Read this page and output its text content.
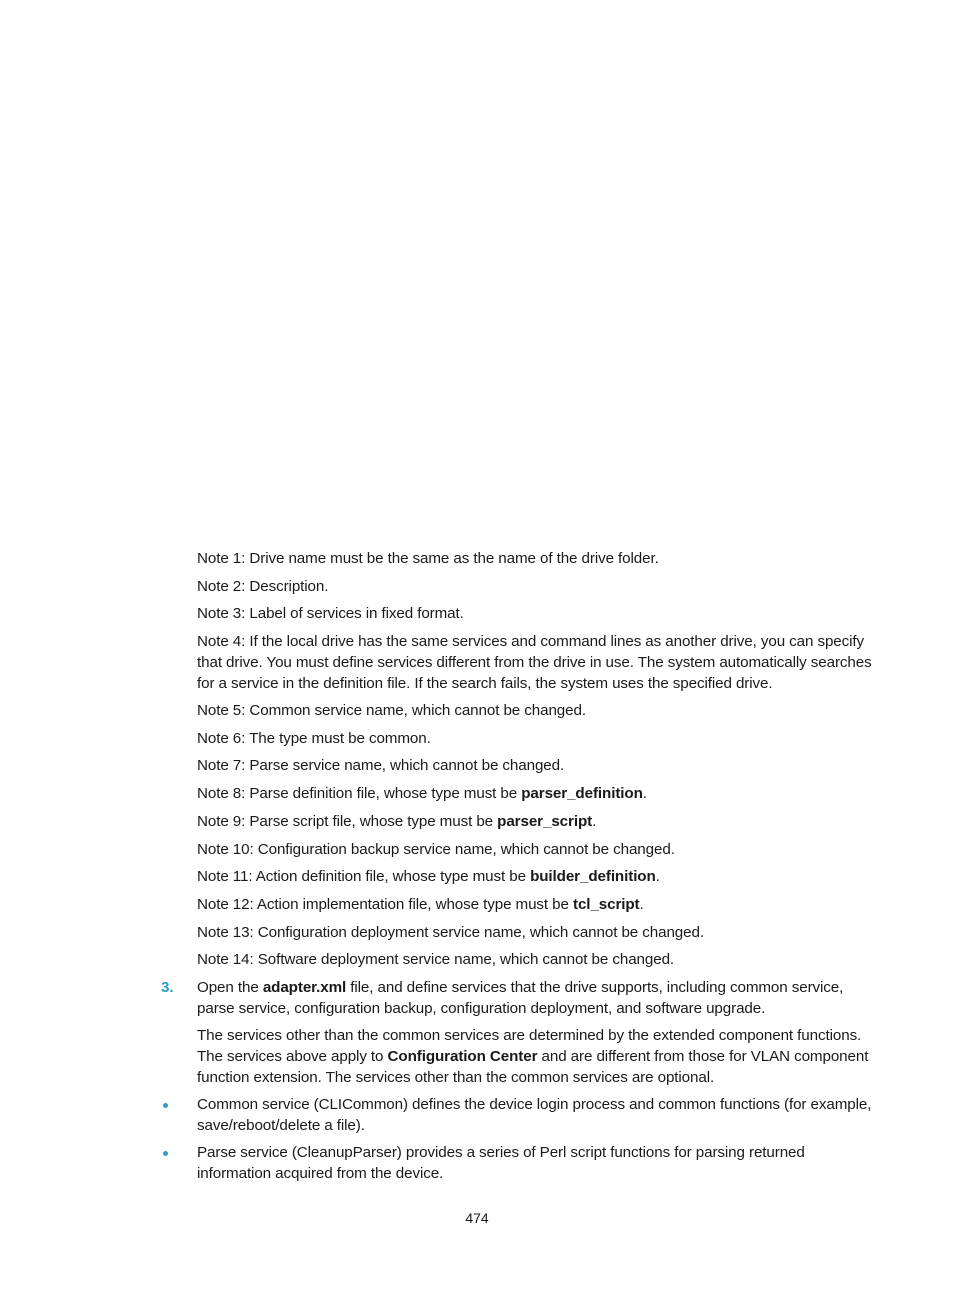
Note 1: Drive name must be the same as the name of the drive folder.
Note 2: Description.
Note 3: Label of services in fixed format.
Note 4: If the local drive has the same services and command lines as another drive, you can specify that drive. You must define services different from the drive in use. The system automatically searches for a service in the definition file. If the search fails, the system uses the specified drive.
Note 5: Common service name, which cannot be changed.
Note 6: The type must be common.
Note 7: Parse service name, which cannot be changed.
Note 8: Parse definition file, whose type must be parser_definition.
Note 9: Parse script file, whose type must be parser_script.
Note 10: Configuration backup service name, which cannot be changed.
Note 11: Action definition file, whose type must be builder_definition.
Note 12: Action implementation file, whose type must be tcl_script.
Note 13: Configuration deployment service name, which cannot be changed.
Note 14: Software deployment service name, which cannot be changed.
3. Open the adapter.xml file, and define services that the drive supports, including common service, parse service, configuration backup, configuration deployment, and software upgrade.
The services other than the common services are determined by the extended component functions. The services above apply to Configuration Center and are different from those for VLAN component function extension. The services other than the common services are optional.
Common service (CLICommon) defines the device login process and common functions (for example, save/reboot/delete a file).
Parse service (CleanupParser) provides a series of Perl script functions for parsing returned information acquired from the device.
474
